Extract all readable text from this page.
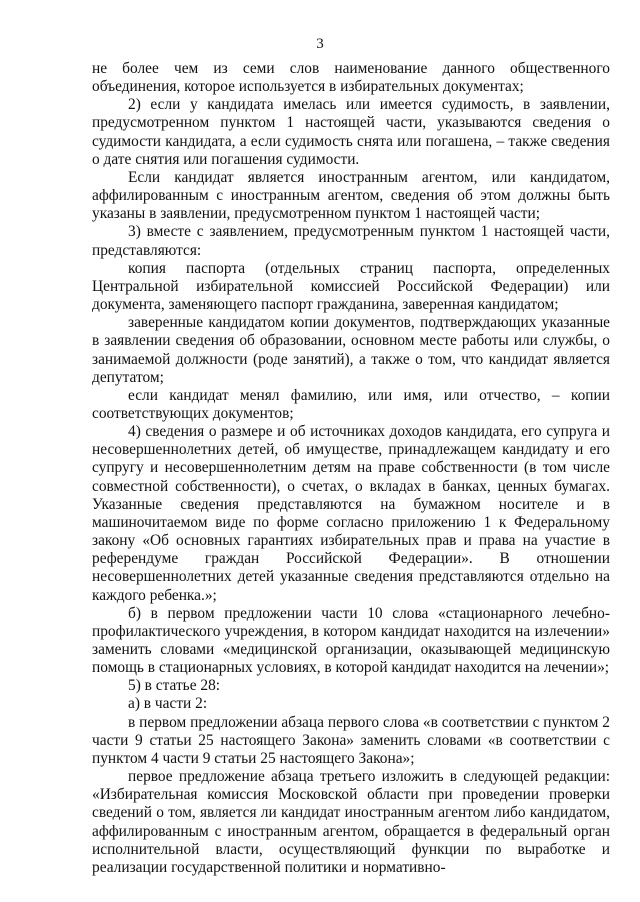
3

не более чем из семи слов наименование данного общественного объединения, которое используется в избирательных документах;

2) если у кандидата имелась или имеется судимость, в заявлении, предусмотренном пунктом 1 настоящей части, указываются сведения о судимости кандидата, а если судимость снята или погашена, – также сведения о дате снятия или погашения судимости.

Если кандидат является иностранным агентом, или кандидатом, аффилированным с иностранным агентом, сведения об этом должны быть указаны в заявлении, предусмотренном пунктом 1 настоящей части;

3) вместе с заявлением, предусмотренным пунктом 1 настоящей части, представляются:

копия паспорта (отдельных страниц паспорта, определенных Центральной избирательной комиссией Российской Федерации) или документа, заменяющего паспорт гражданина, заверенная кандидатом;

заверенные кандидатом копии документов, подтверждающих указанные в заявлении сведения об образовании, основном месте работы или службы, о занимаемой должности (роде занятий), а также о том, что кандидат является депутатом;

если кандидат менял фамилию, или имя, или отчество, – копии соответствующих документов;

4) сведения о размере и об источниках доходов кандидата, его супруга и несовершеннолетних детей, об имуществе, принадлежащем кандидату и его супругу и несовершеннолетним детям на праве собственности (в том числе совместной собственности), о счетах, о вкладах в банках, ценных бумагах. Указанные сведения представляются на бумажном носителе и в машиночитаемом виде по форме согласно приложению 1 к Федеральному закону «Об основных гарантиях избирательных прав и права на участие в референдуме граждан Российской Федерации». В отношении несовершеннолетних детей указанные сведения представляются отдельно на каждого ребенка.»;

б) в первом предложении части 10 слова «стационарного лечебно-профилактического учреждения, в котором кандидат находится на излечении» заменить словами «медицинской организации, оказывающей медицинскую помощь в стационарных условиях, в которой кандидат находится на лечении»;

5) в статье 28:

а) в части 2:

в первом предложении абзаца первого слова «в соответствии с пунктом 2 части 9 статьи 25 настоящего Закона» заменить словами «в соответствии с пунктом 4 части 9 статьи 25 настоящего Закона»;

первое предложение абзаца третьего изложить в следующей редакции: «Избирательная комиссия Московской области при проведении проверки сведений о том, является ли кандидат иностранным агентом либо кандидатом, аффилированным с иностранным агентом, обращается в федеральный орган исполнительной власти, осуществляющий функции по выработке и реализации государственной политики и нормативно-
